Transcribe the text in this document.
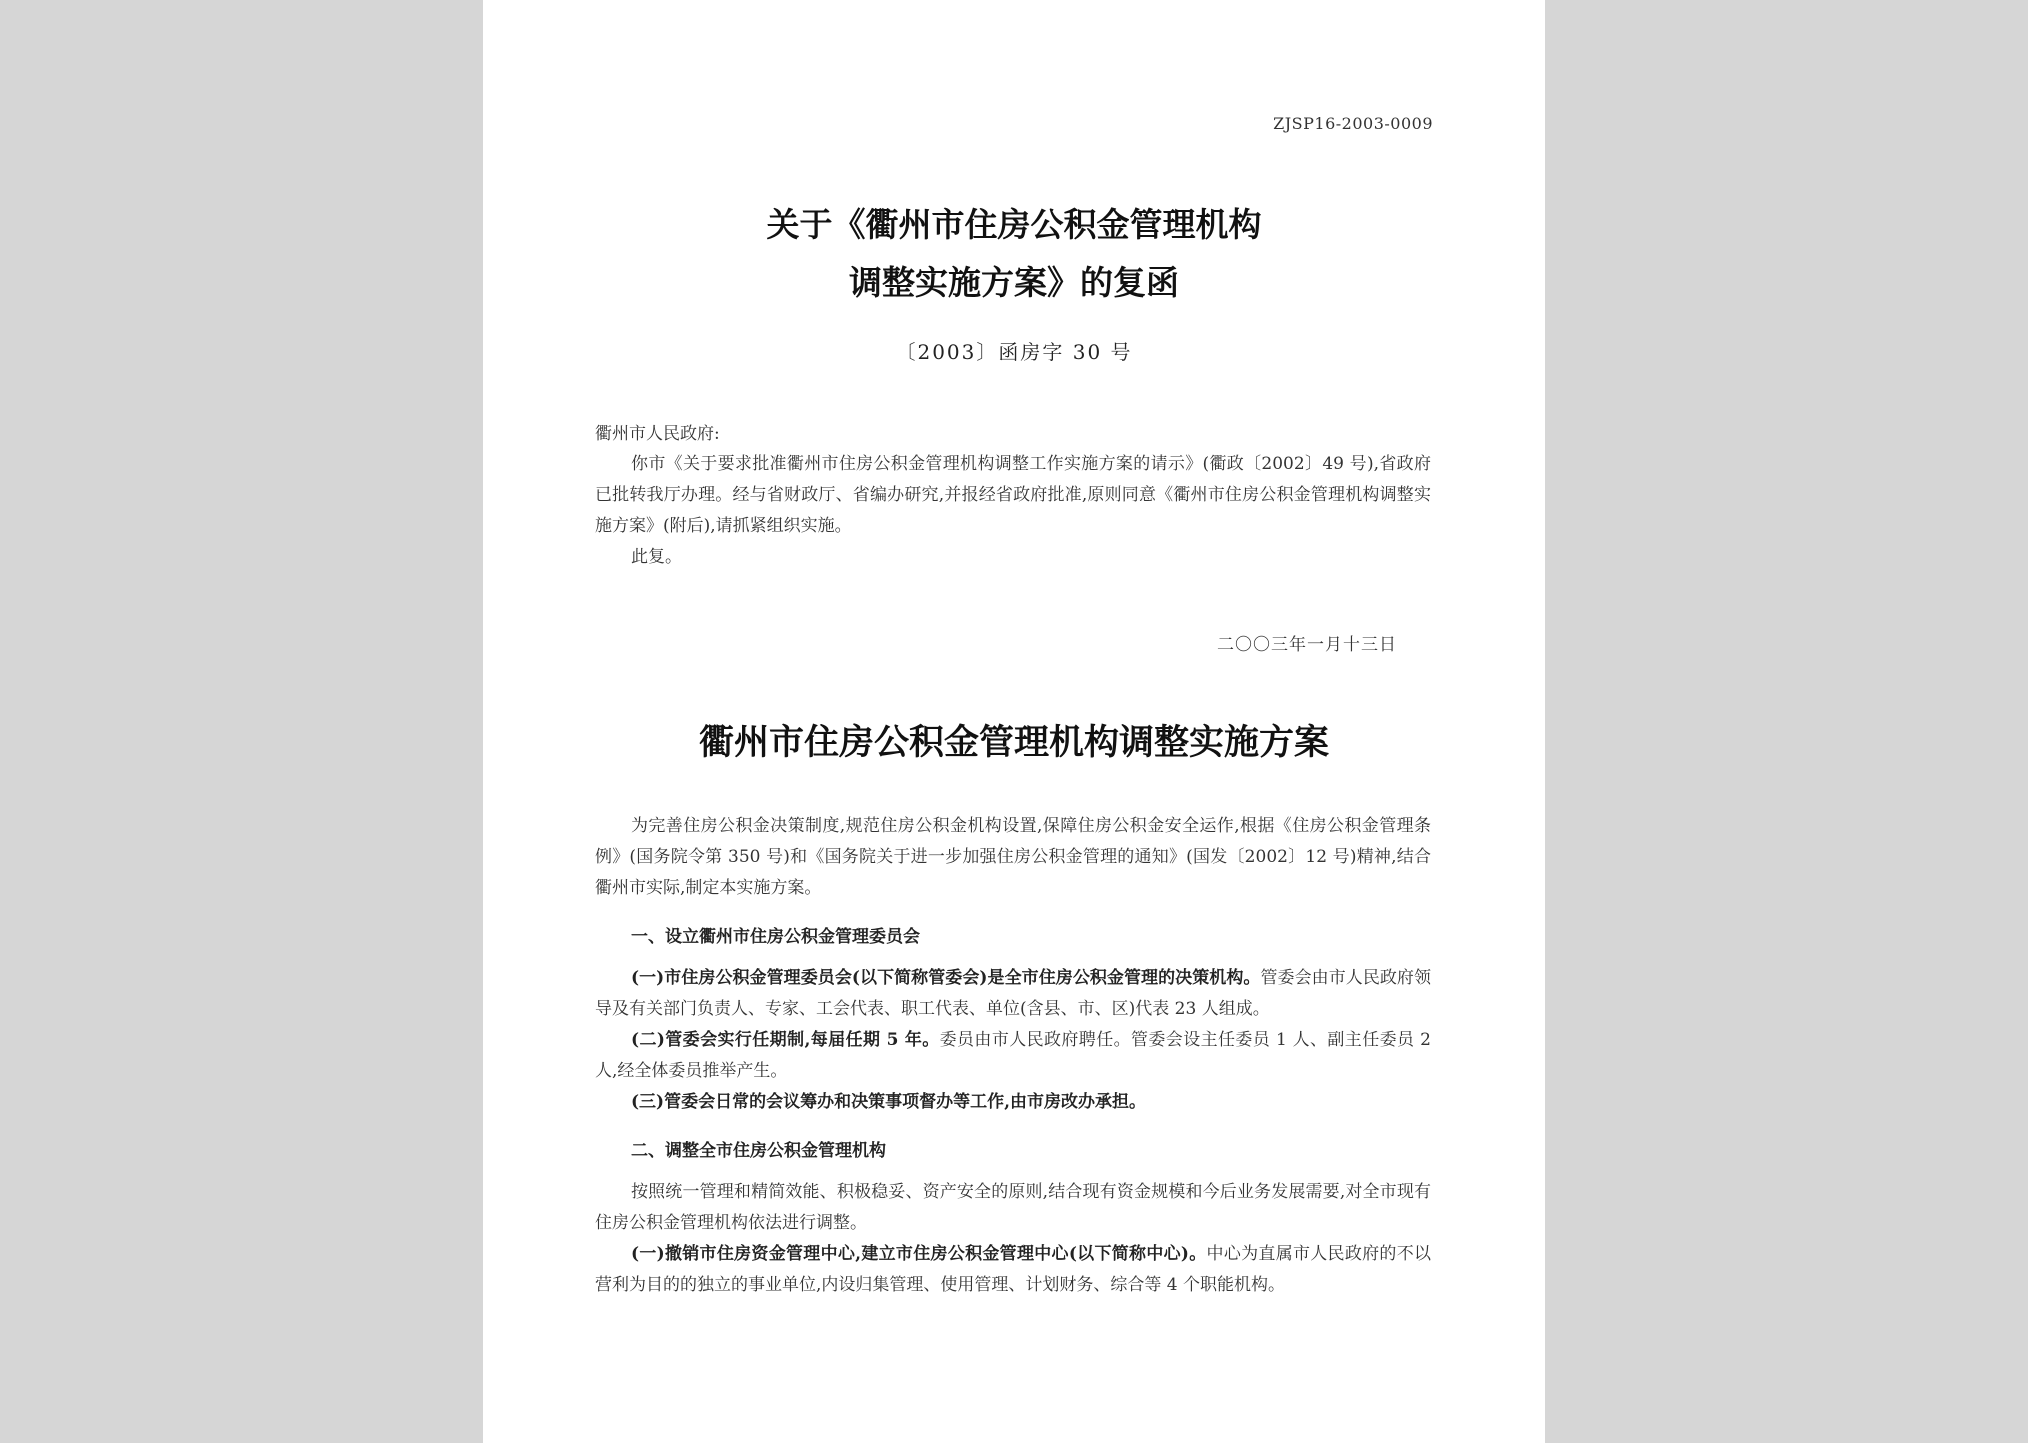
ZJSP16-2003-0009
关于《衢州市住房公积金管理机构
调整实施方案》的复函
〔2003〕函房字 30 号
衢州市人民政府:
你市《关于要求批准衢州市住房公积金管理机构调整工作实施方案的请示》(衢政〔2002〕49 号),省政府已批转我厅办理。经与省财政厅、省编办研究,并报经省政府批准,原则同意《衢州市住房公积金管理机构调整实施方案》(附后),请抓紧组织实施。
此复。
二〇〇三年一月十三日
衢州市住房公积金管理机构调整实施方案
为完善住房公积金决策制度,规范住房公积金机构设置,保障住房公积金安全运作,根据《住房公积金管理条例》(国务院令第 350 号)和《国务院关于进一步加强住房公积金管理的通知》(国发〔2002〕12 号)精神,结合衢州市实际,制定本实施方案。
一、设立衢州市住房公积金管理委员会
(一)市住房公积金管理委员会(以下简称管委会)是全市住房公积金管理的决策机构。管委会由市人民政府领导及有关部门负责人、专家、工会代表、职工代表、单位(含县、市、区)代表 23 人组成。
(二)管委会实行任期制,每届任期 5 年。委员由市人民政府聘任。管委会设主任委员 1 人、副主任委员 2 人,经全体委员推举产生。
(三)管委会日常的会议筹办和决策事项督办等工作,由市房改办承担。
二、调整全市住房公积金管理机构
按照统一管理和精简效能、积极稳妥、资产安全的原则,结合现有资金规模和今后业务发展需要,对全市现有住房公积金管理机构依法进行调整。
(一)撤销市住房资金管理中心,建立市住房公积金管理中心(以下简称中心)。中心为直属市人民政府的不以营利为目的的独立的事业单位,内设归集管理、使用管理、计划财务、综合等 4 个职能机构。
